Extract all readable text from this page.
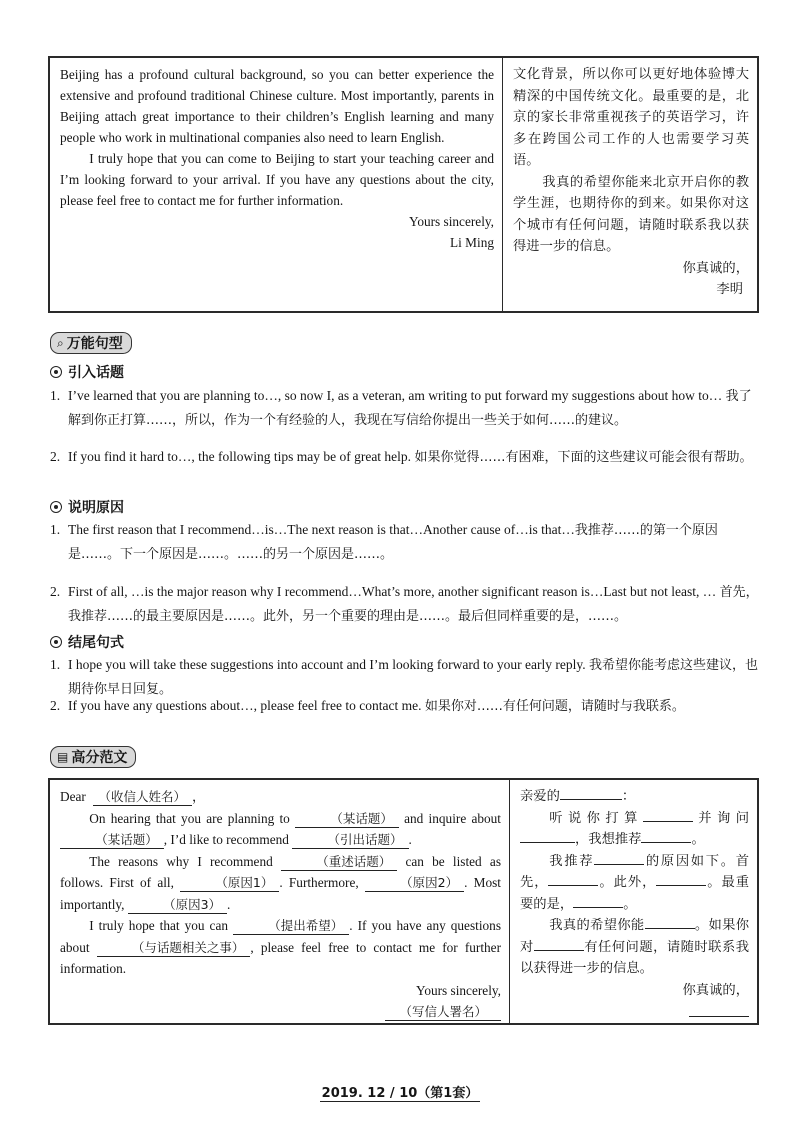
Beijing has a profound cultural background, so you can better experience the extensive and profound traditional Chinese culture. Most importantly, parents in Beijing attach great importance to their children’s English learning and many people who work in multinational companies also need to learn English.
I truly hope that you can come to Beijing to start your teaching career and I’m looking forward to your arrival. If you have any questions about the city, please feel free to contact me for further information.
Yours sincerely,
Li Ming
文化背景，所以你可以更好地体验博大精深的中国传统文化。最重要的是，北京的家长非常重视孩子的英语学习，许多在跨国公司工作的人也需要学习英语。
我真的希望你能来北京开启你的教学生涯，也期待你的到来。如果你对这个城市有任何问题，请随时联系我以获得进一步的信息。
你真诚的，
李明
⌕ 万能句型
引入话题
1. I’ve learned that you are planning to…, so now I, as a veteran, am writing to put forward my suggestions about how to… 我了解到你正打算……，所以，作为一个有经验的人，我现在写信给你提出一些关于如何……的建议。
2. If you find it hard to…, the following tips may be of great help. 如果你觉得……有困难，下面的这些建议可能会很有帮助。
说明原因
1. The first reason that I recommend…is…The next reason is that…Another cause of…is that…我推荐……的第一个原因是……。下一个原因是……。……的另一个原因是……。
2. First of all, …is the major reason why I recommend…What’s more, another significant reason is…Last but not least, … 首先，我推荐……的最主要原因是……。此外，另一个重要的理由是……。最后但同样重要的是，……。
结尾句式
1. I hope you will take these suggestions into account and I’m looking forward to your early reply. 我希望你能考虑这些建议，也期待你早日回复。
2. If you have any questions about…, please feel free to contact me. 如果你对……有任何问题，请随时与我联系。
▤ 高分范文
Dear （收信人姓名） ，
On hearing that you are planning to	（某话题） and inquire about （某话题） , I’d like to recommend	（引出话题） .
The reasons why I recommend	（重述话题） can be listed as follows. First of all,	（原因1） . Furthermore,	（原因2） . Most importantly,	（原因3） .
I truly hope that you can	（提出希望） . If you have any questions about	（与话题相关之事） , please feel free to contact me for further information.
Yours sincerely,
（写信人署名）
亲爱的	：
听说你打算	并询问，我想推荐	。
我推荐	的原因如下。首先，	。此外，	。最重要的是，	。
我真的希望你能	。如果你对	有任何问题，请随时联系我以获得进一步的信息。
你真诚的，
2019. 12 / 10（第1套）
